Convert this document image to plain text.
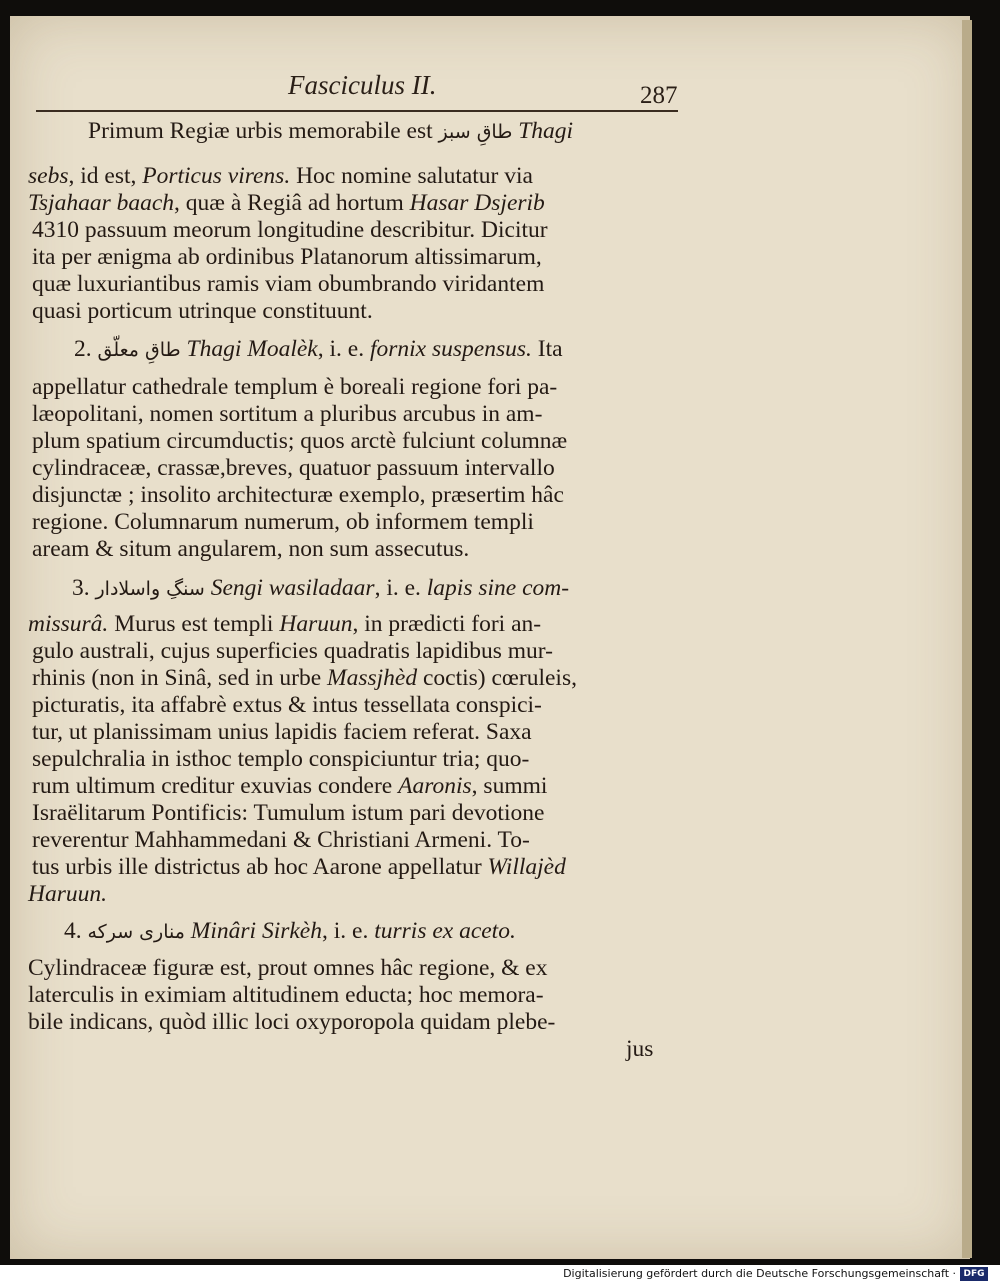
Fasciculus II.	287
Primum Regiæ urbis memorabile est طاقِ سبز Thagi
sebs, id est, Porticus virens. Hoc nomine salutatur via
Tsjahaar baach, quæ à Regiâ ad hortum Hasar Dsjerib
4310 passuum meorum longitudine describitur. Dicitur
ita per ænigma ab ordinibus Platanorum altissimarum,
quæ luxuriantibus ramis viam obumbrando viridantem
quasi porticum utrinque constituunt.
2. طاقِ معلّق Thagi Moalèk, i. e. fornix suspensus. Ita
appellatur cathedrale templum è boreali regione fori pa-
læopolitani, nomen sortitum a pluribus arcubus in am-
plum spatium circumductis; quos arctè fulciunt columnæ
cylindraceæ, crassæ,breves, quatuor passuum intervallo
disjunctæ ; insolito architecturæ exemplo, præsertim hâc
regione. Columnarum numerum, ob informem templi
aream & situm angularem, non sum assecutus.
3. سنگِ واسلادار Sengi wasiladaar, i. e. lapis sine com-
missurâ. Murus est templi Haruun, in prædicti fori an-
gulo australi, cujus superficies quadratis lapidibus mur-
rhinis (non in Sinâ, sed in urbe Massjhèd coctis) cœruleis,
picturatis, ita affabrè extus & intus tessellata conspici-
tur, ut planissimam unius lapidis faciem referat. Saxa
sepulchralia in isthoc templo conspiciuntur tria; quo-
rum ultimum creditur exuvias condere Aaronis, summi
Israëlitarum Pontificis: Tumulum istum pari devotione
reverentur Mahhammedani & Christiani Armeni. To-
tus urbis ille districtus ab hoc Aarone appellatur Willajèd
Haruun.
4. مناری سرکه Minâri Sirkèh, i. e. turris ex aceto.
Cylindraceæ figuræ est, prout omnes hâc regione, & ex
laterculis in eximiam altitudinem educta; hoc memora-
bile indicans, quòd illic loci oxyporopola quidam plebe-
jus
Digitalisierung gefördert durch die Deutsche Forschungsgemeinschaft · DFG
